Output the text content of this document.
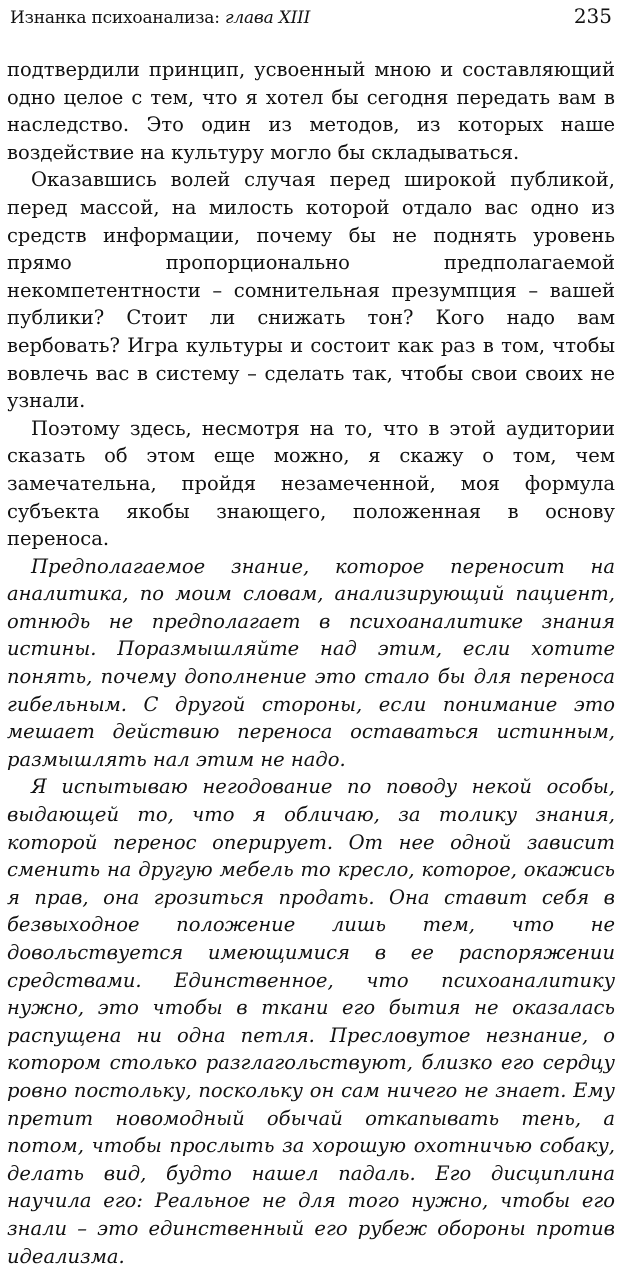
Изнанка психоанализа: глава XIII	235

подтвердили принцип, усвоенный мною и составляющий одно целое с тем, что я хотел бы сегодня передать вам в наследство. Это один из методов, из которых наше воздействие на культуру могло бы складываться.

Оказавшись волей случая перед широкой публикой, перед массой, на милость которой отдало вас одно из средств информации, почему бы не поднять уровень прямо пропорционально предполагаемой некомпетентности – сомнительная презумпция – вашей публики? Стоит ли снижать тон? Кого надо вам вербовать? Игра культуры и состоит как раз в том, чтобы вовлечь вас в систему – сделать так, чтобы свои своих не узнали.

Поэтому здесь, несмотря на то, что в этой аудитории сказать об этом еще можно, я скажу о том, чем замечательна, пройдя незамеченной, моя формула субъекта якобы знающего, положенная в основу переноса.

Предполагаемое знание, которое переносит на аналитика, по моим словам, анализирующий пациент, отнюдь не предполагает в психоаналитике знания истины. Поразмышляйте над этим, если хотите понять, почему дополнение это стало бы для переноса гибельным. С другой стороны, если понимание это мешает действию переноса оставаться истинным, размышлять нал этим не надо.

Я испытываю негодование по поводу некой особы, выдающей то, что я обличаю, за толику знания, которой перенос оперирует. От нее одной зависит сменить на другую мебель то кресло, которое, окажись я прав, она грозиться продать. Она ставит себя в безвыходное положение лишь тем, что не довольствуется имеющимися в ее распоряжении средствами. Единственное, что психоаналитику нужно, это чтобы в ткани его бытия не оказалась распущена ни одна петля. Пресловутое незнание, о котором столько разглагольствуют, близко его сердцу ровно постольку, поскольку он сам ничего не знает. Ему претит новомодный обычай откапывать тень, а потом, чтобы прослыть за хорошую охотничью собаку, делать вид, будто нашел падаль. Его дисциплина научила его: Реальное не для того нужно, чтобы его знали – это единственный его рубеж обороны против идеализма.
